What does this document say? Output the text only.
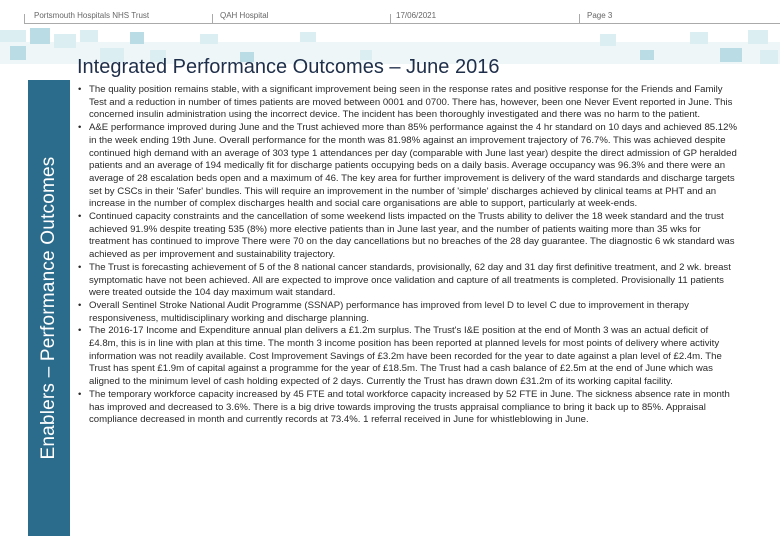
Portsmouth Hospitals NHS Trust	QAH Hospital	17/06/2021	Page 3
Enablers – Performance Outcomes
Integrated Performance Outcomes – June 2016
• The quality position remains stable, with a significant improvement being seen in the response rates and positive response for the Friends and Family Test and a reduction in number of times patients are moved between 0001 and 0700. There has, however, been one Never Event reported in June. This concerned insulin administration using the incorrect device. The incident has been thoroughly investigated and there was no harm to the patient.
• A&E performance improved during June and the Trust achieved more than 85% performance against the 4 hr standard on 10 days and achieved 85.12% in the week ending 19th June. Overall performance for the month was 81.98% against an improvement trajectory of 76.7%. This was achieved despite continued high demand with an average of 303 type 1 attendances per day (comparable with June last year) despite the direct admission of GP heralded patients and an average of 194 medically fit for discharge patients occupying beds on a daily basis. Average occupancy was 96.3% and there were an average of 28 escalation beds open and a maximum of 46. The key area for further improvement is delivery of the ward standards and discharge targets set by CSCs in their 'Safer' bundles. This will require an improvement in the number of 'simple' discharges achieved by clinical teams at PHT and an increase in the number of complex discharges health and social care organisations are able to support, particularly at week-ends.
• Continued capacity constraints and the cancellation of some weekend lists impacted on the Trusts ability to deliver the 18 week standard and the trust achieved 91.9% despite treating 535 (8%) more elective patients than in June last year, and the number of patients waiting more than 35 wks for treatment has continued to improve There were 70 on the day cancellations but no breaches of the 28 day guarantee. The diagnostic 6 wk standard was achieved as per improvement and sustainability trajectory.
• The Trust is forecasting achievement of 5 of the 8 national cancer standards, provisionally, 62 day and 31 day first definitive treatment, and 2 wk. breast symptomatic have not been achieved. All are expected to improve once validation and capture of all treatments is completed. Provisionally 11 patients were treated outside the 104 day maximum wait standard.
• Overall Sentinel Stroke National Audit Programme (SSNAP) performance has improved from level D to level C due to improvement in therapy responsiveness, multidisciplinary working and discharge planning.
• The 2016-17 Income and Expenditure annual plan delivers a £1.2m surplus. The Trust's I&E position at the end of Month 3 was an actual deficit of £4.8m, this is in line with plan at this time. The month 3 income position has been reported at planned levels for most points of delivery where activity information was not readily available. Cost Improvement Savings of £3.2m have been recorded for the year to date against a plan level of £2.4m. The Trust has spent £1.9m of capital against a programme for the year of £18.5m. The Trust had a cash balance of £2.5m at the end of June which was aligned to the minimum level of cash holding expected of 2 days. Currently the Trust has drawn down £31.2m of its working capital facility.
• The temporary workforce capacity increased by 45 FTE and total workforce capacity increased by 52 FTE in June. The sickness absence rate in month has improved and decreased to 3.6%. There is a big drive towards improving the trusts appraisal compliance to bring it back up to 85%. Appraisal compliance decreased in month and currently records at 73.4%. 1 referral received in June for whistleblowing in June.
